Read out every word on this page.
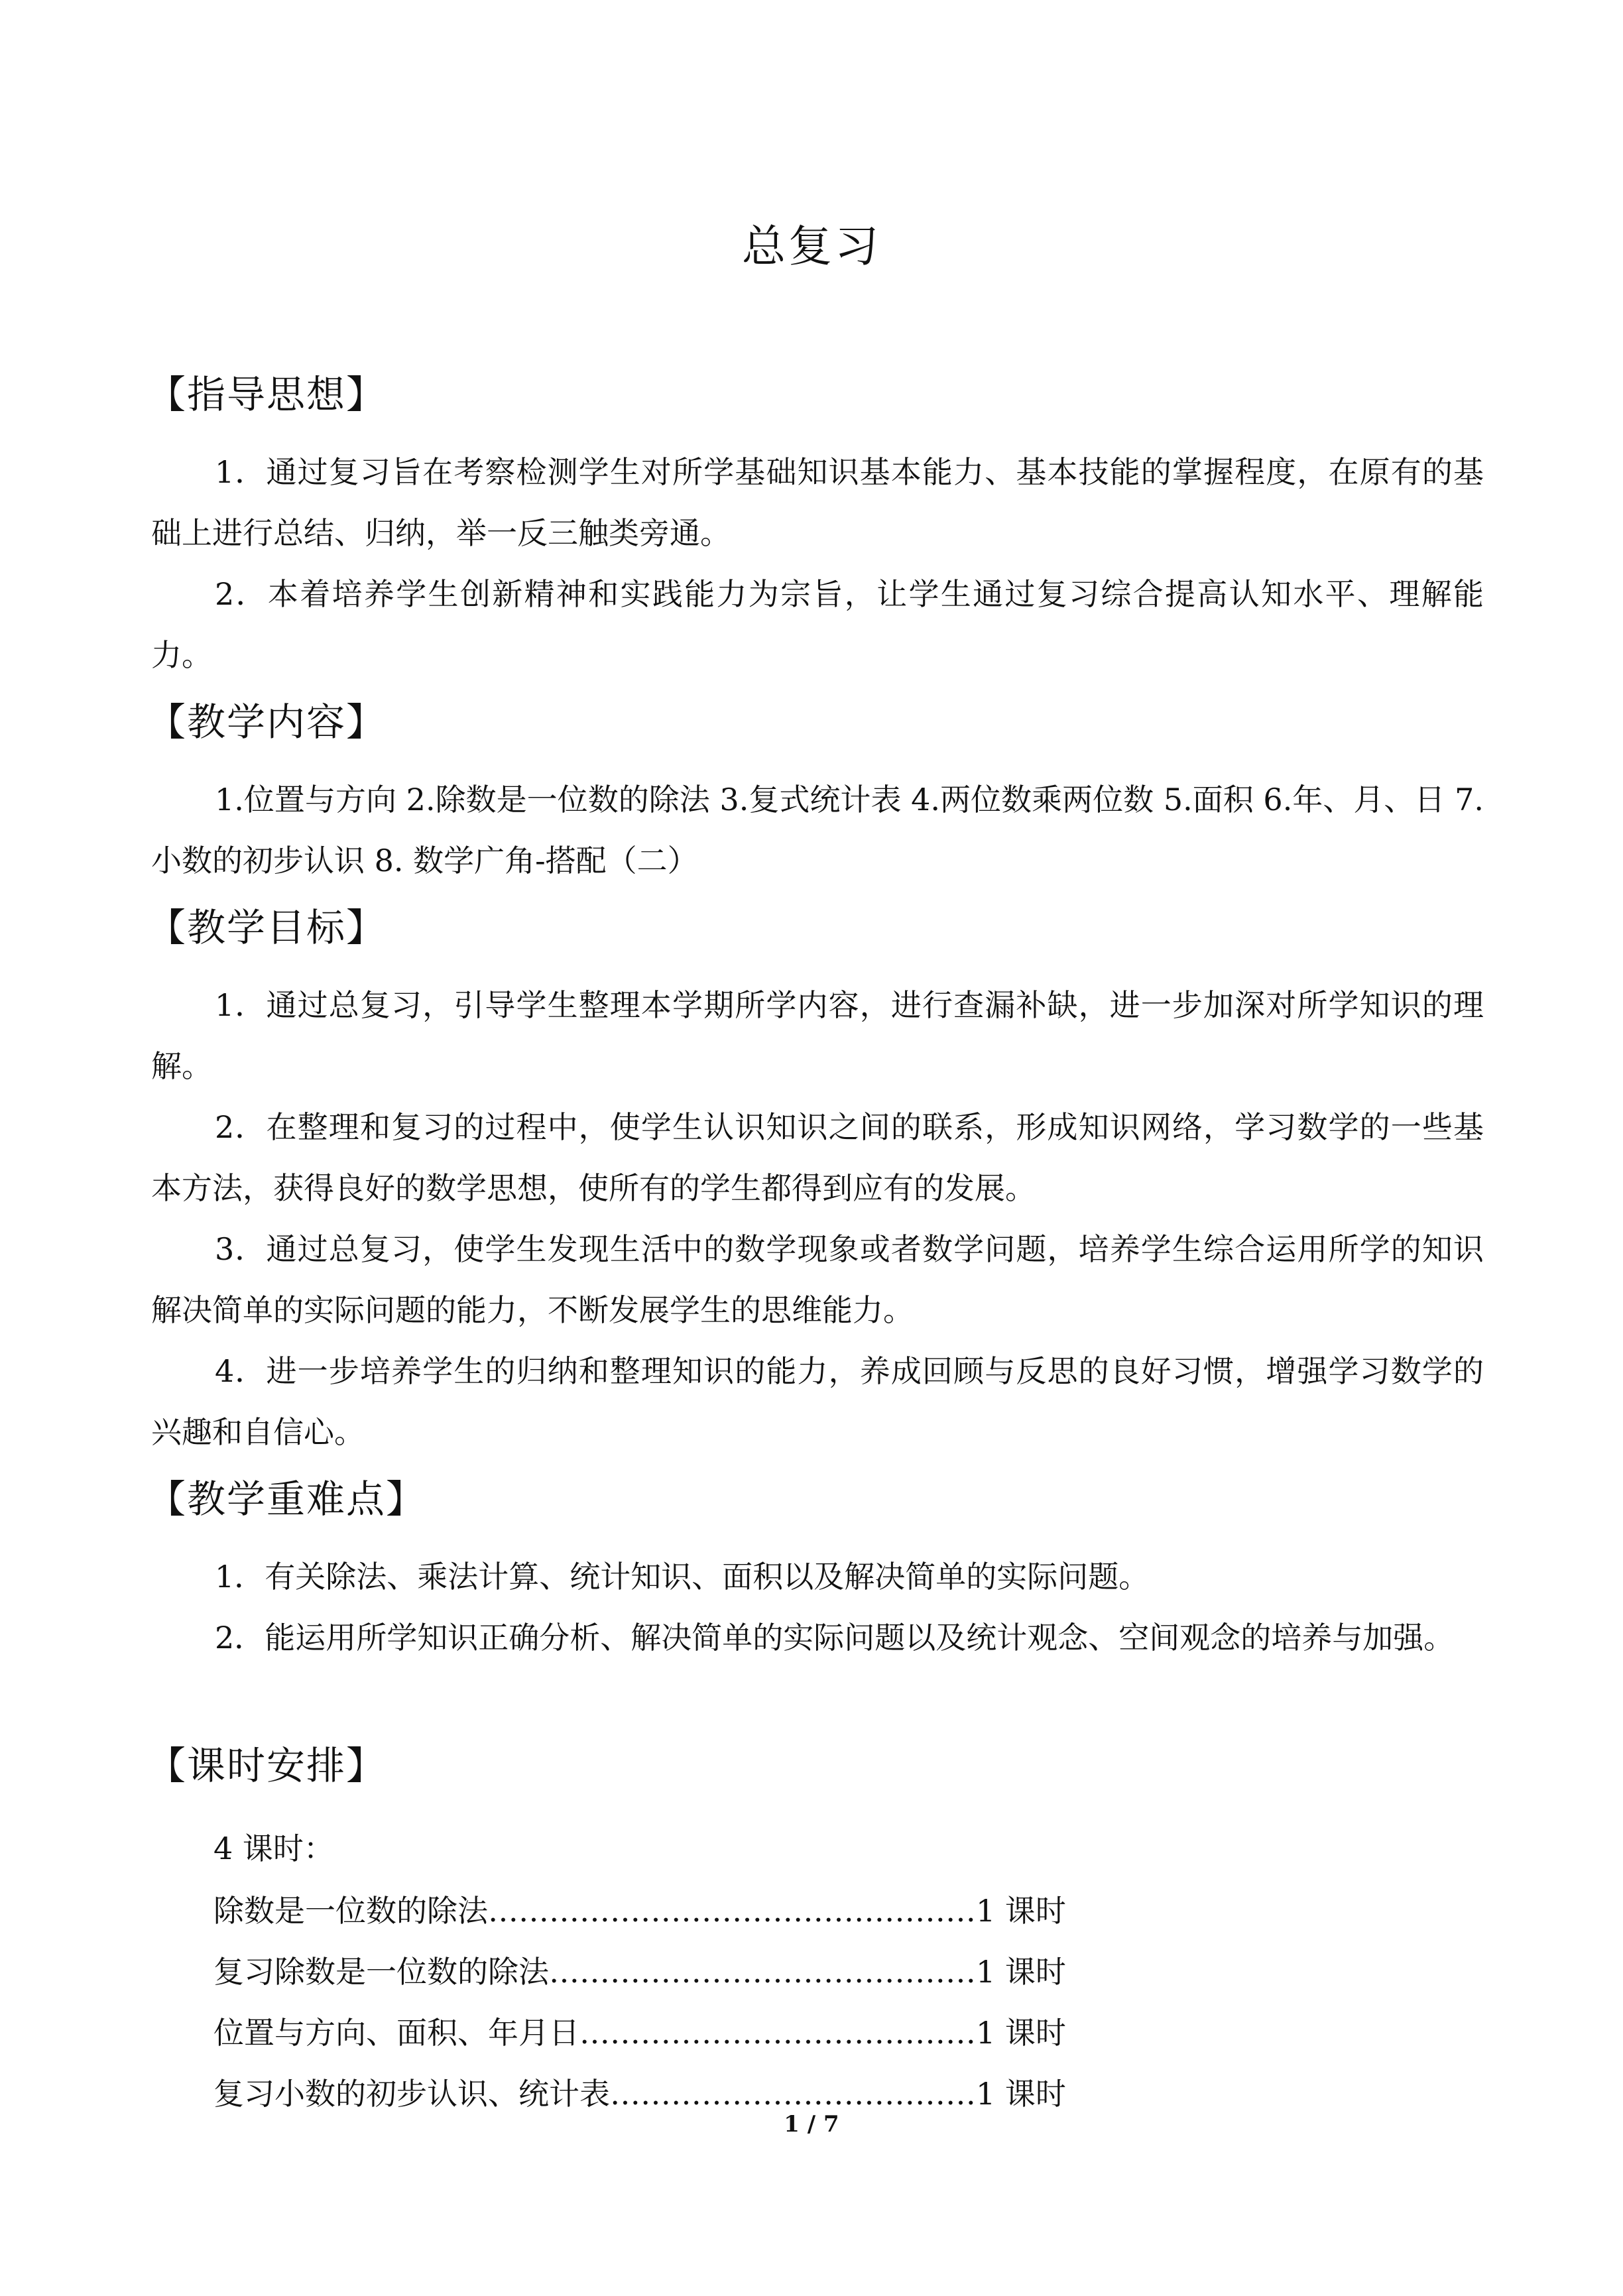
总复习
【指导思想】
1．通过复习旨在考察检测学生对所学基础知识基本能力、基本技能的掌握程度，在原有的基础上进行总结、归纳，举一反三触类旁通。
2．本着培养学生创新精神和实践能力为宗旨，让学生通过复习综合提高认知水平、理解能力。
【教学内容】
1.位置与方向 2.除数是一位数的除法 3.复式统计表 4.两位数乘两位数 5.面积 6.年、月、日 7. 小数的初步认识 8. 数学广角-搭配（二）
【教学目标】
1．通过总复习，引导学生整理本学期所学内容，进行查漏补缺，进一步加深对所学知识的理解。
2．在整理和复习的过程中，使学生认识知识之间的联系，形成知识网络，学习数学的一些基本方法，获得良好的数学思想，使所有的学生都得到应有的发展。
3．通过总复习，使学生发现生活中的数学现象或者数学问题，培养学生综合运用所学的知识解决简单的实际问题的能力，不断发展学生的思维能力。
4．进一步培养学生的归纳和整理知识的能力，养成回顾与反思的良好习惯，增强学习数学的兴趣和自信心。
【教学重难点】
1．有关除法、乘法计算、统计知识、面积以及解决简单的实际问题。
2．能运用所学知识正确分析、解决简单的实际问题以及统计观念、空间观念的培养与加强。
【课时安排】
4 课时：
除数是一位数的除法…………………………………………1 课时
复习除数是一位数的除法……………………………………1 课时
位置与方向、面积、年月日…………………………………1 课时
复习小数的初步认识、统计表………………………………1 课时
1 / 7
